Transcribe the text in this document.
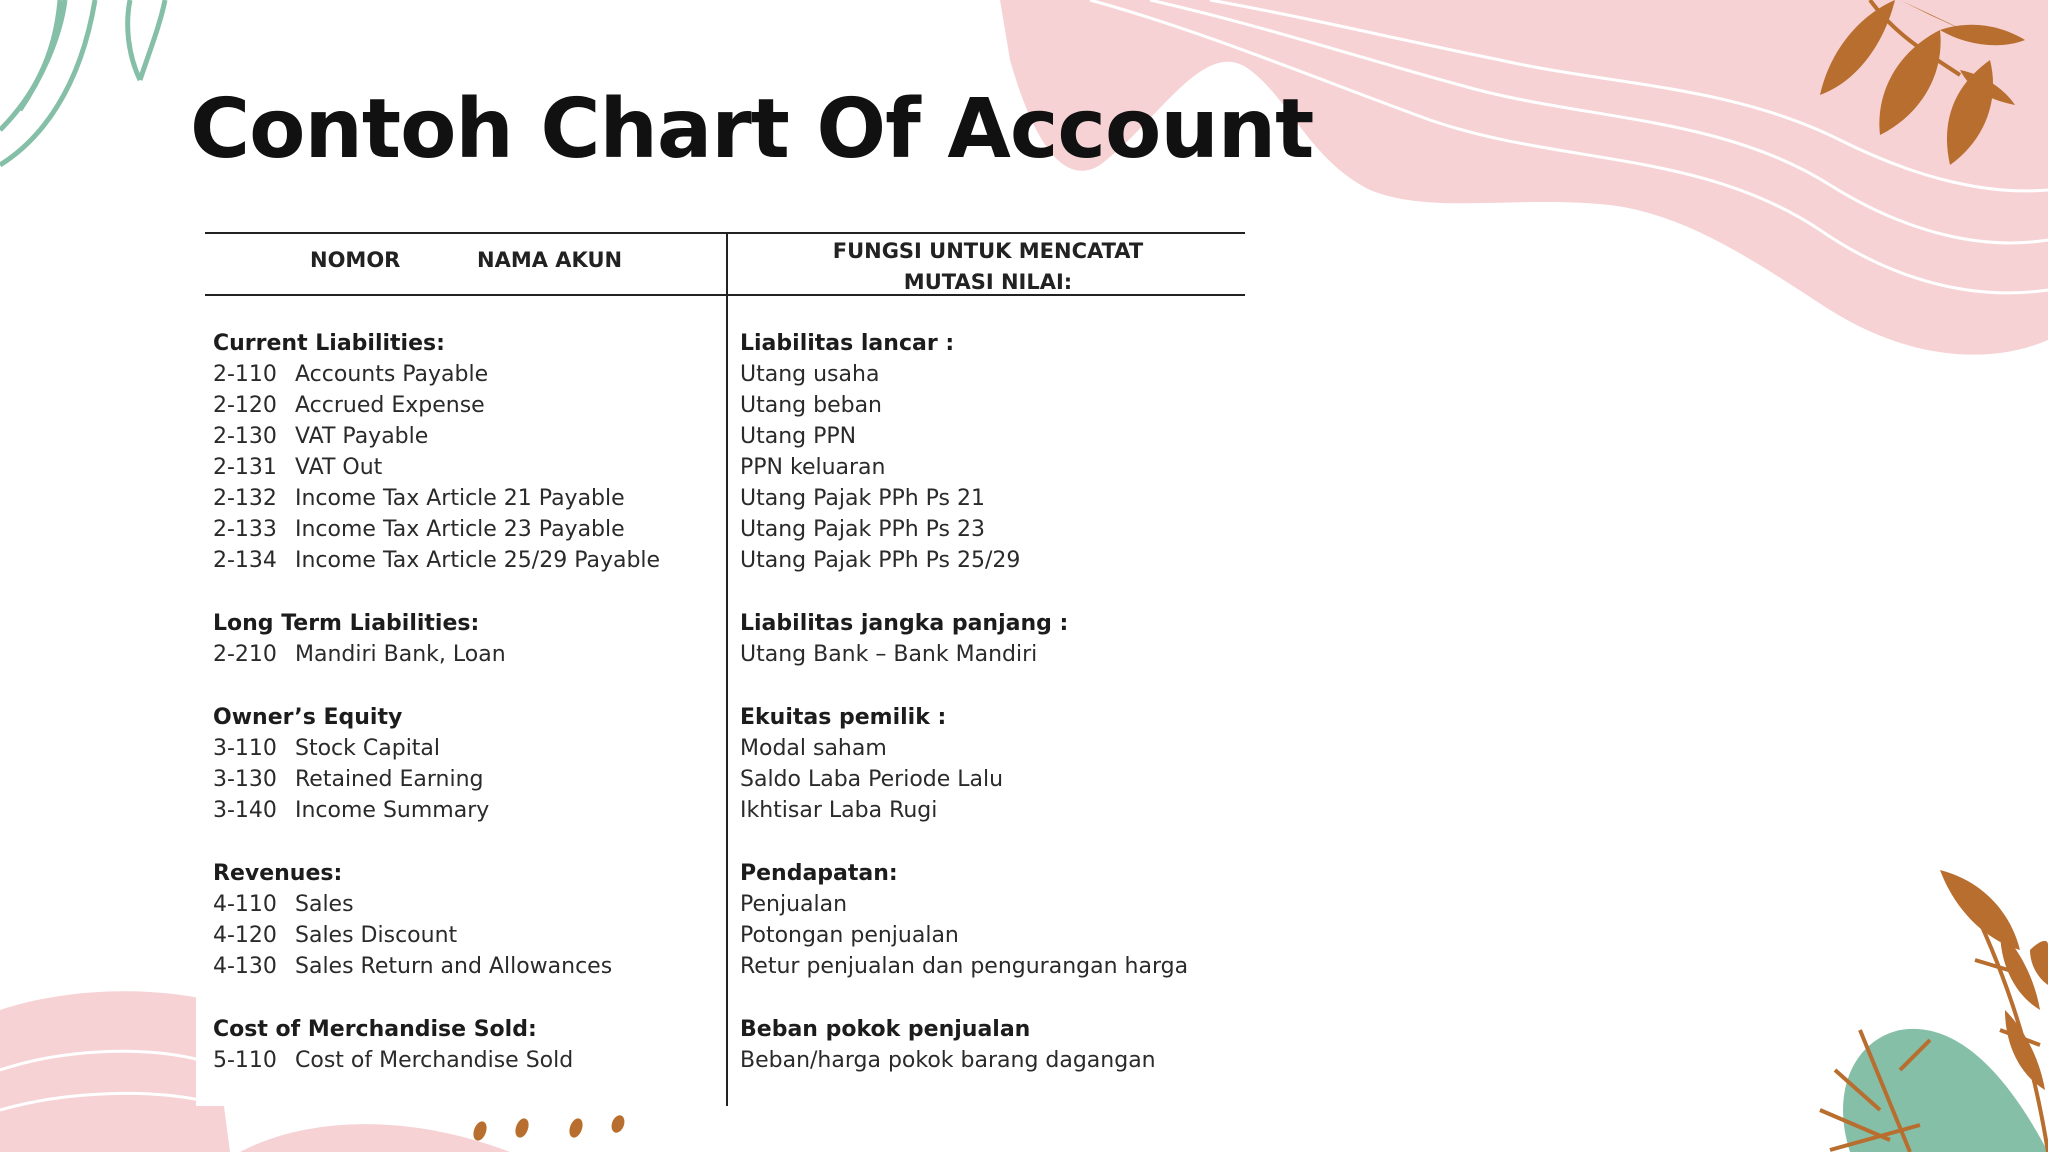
Contoh Chart Of Account
NOMOR	NAMA AKUN	FUNGSI UNTUK MENCATAT
MUTASI NILAI:
Current Liabilities:	Liabilitas lancar :
2-110 Accounts Payable	Utang usaha
2-120 Accrued Expense	Utang beban
2-130 VAT Payable	Utang PPN
2-131 VAT Out	PPN keluaran
2-132 Income Tax Article 21 Payable	Utang Pajak PPh Ps 21
2-133 Income Tax Article 23 Payable	Utang Pajak PPh Ps 23
2-134 Income Tax Article 25/29 Payable	Utang Pajak PPh Ps 25/29
Long Term Liabilities:	Liabilitas jangka panjang :
2-210 Mandiri Bank, Loan	Utang Bank – Bank Mandiri
Owner’s Equity	Ekuitas pemilik :
3-110 Stock Capital	Modal saham
3-130 Retained Earning	Saldo Laba Periode Lalu
3-140 Income Summary	Ikhtisar Laba Rugi
Revenues:	Pendapatan:
4-110 Sales	Penjualan
4-120 Sales Discount	Potongan penjualan
4-130 Sales Return and Allowances	Retur penjualan dan pengurangan harga
Cost of Merchandise Sold:	Beban pokok penjualan
5-110 Cost of Merchandise Sold	Beban/harga pokok barang dagangan
